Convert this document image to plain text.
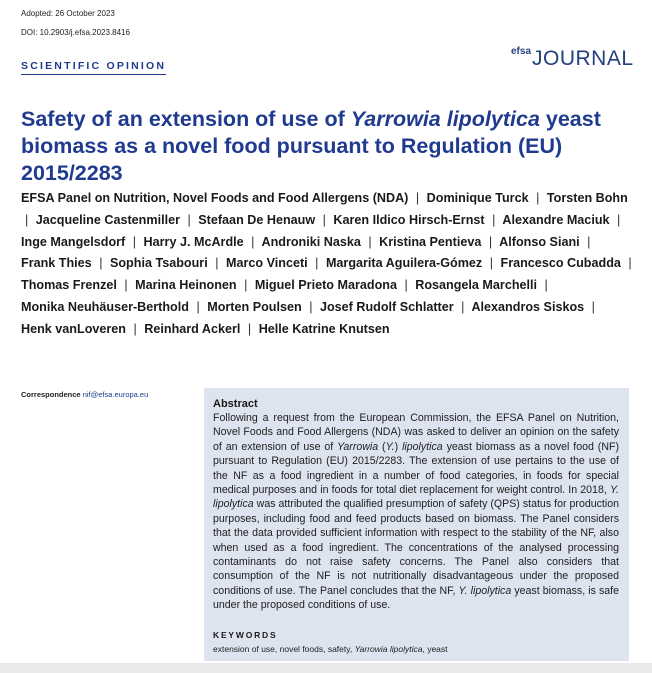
Adopted: 26 October 2023
DOI: 10.2903/j.efsa.2023.8416
SCIENTIFIC OPINION
efsa JOURNAL
Safety of an extension of use of Yarrowia lipolytica yeast biomass as a novel food pursuant to Regulation (EU) 2015/2283
EFSA Panel on Nutrition, Novel Foods and Food Allergens (NDA) | Dominique Turck | Torsten Bohn | Jacqueline Castenmiller | Stefaan De Henauw | Karen Ildico Hirsch-Ernst | Alexandre Maciuk | Inge Mangelsdorf | Harry J. McArdle | Androniki Naska | Kristina Pentieva | Alfonso Siani | Frank Thies | Sophia Tsabouri | Marco Vinceti | Margarita Aguilera-Gómez | Francesco Cubadda | Thomas Frenzel | Marina Heinonen | Miguel Prieto Maradona | Rosangela Marchelli | Monika Neuhäuser-Berthold | Morten Poulsen | Josef Rudolf Schlatter | Alexandros Siskos | Henk vanLoveren | Reinhard Ackerl | Helle Katrine Knutsen
Correspondence nif@efsa.europa.eu
Abstract

Following a request from the European Commission, the EFSA Panel on Nutrition, Novel Foods and Food Allergens (NDA) was asked to deliver an opinion on the safety of an extension of use of Yarrowia (Y.) lipolytica yeast biomass as a novel food (NF) pursuant to Regulation (EU) 2015/2283. The extension of use pertains to the use of the NF as a food ingredient in a number of food categories, in foods for special medical purposes and in foods for total diet replacement for weight control. In 2018, Y. lipolytica was attributed the qualified presumption of safety (QPS) status for production purposes, including food and feed products based on biomass. The Panel considers that the data provided sufficient information with respect to the stability of the NF, also when used as a food ingredient. The concentrations of the analysed processing contaminants do not raise safety concerns. The Panel also considers that consumption of the NF is not nutritionally disadvantageous under the proposed conditions of use. The Panel concludes that the NF, Y. lipolytica yeast biomass, is safe under the proposed conditions of use.

KEYWORDS
extension of use, novel foods, safety, Yarrowia lipolytica, yeast
